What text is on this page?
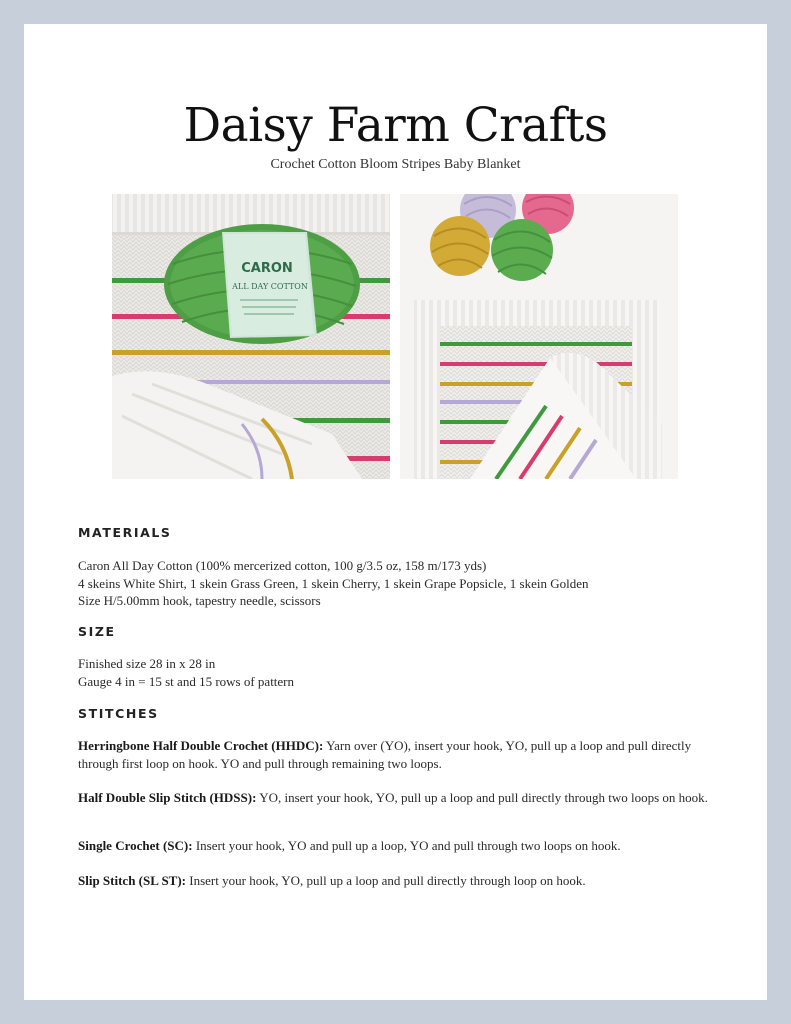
Daisy Farm Crafts
Crochet Cotton Bloom Stripes Baby Blanket
CARON
ALL DAY COTTON
MATERIALS
Caron All Day Cotton (100% mercerized cotton, 100 g/3.5 oz, 158 m/173 yds)
4 skeins White Shirt, 1 skein Grass Green, 1 skein Cherry, 1 skein Grape Popsicle, 1 skein Golden
Size H/5.00mm hook, tapestry needle, scissors
SIZE
Finished size 28 in x 28 in
Gauge 4 in = 15 st and 15 rows of pattern
STITCHES
Herringbone Half Double Crochet (HHDC): Yarn over (YO), insert your hook, YO, pull up a loop and pull directly through first loop on hook. YO and pull through remaining two loops.
Half Double Slip Stitch (HDSS): YO, insert your hook, YO, pull up a loop and pull directly through two loops on hook.
Single Crochet (SC): Insert your hook, YO and pull up a loop, YO and pull through two loops on hook.
Slip Stitch (SL ST): Insert your hook, YO, pull up a loop and pull directly through loop on hook.
